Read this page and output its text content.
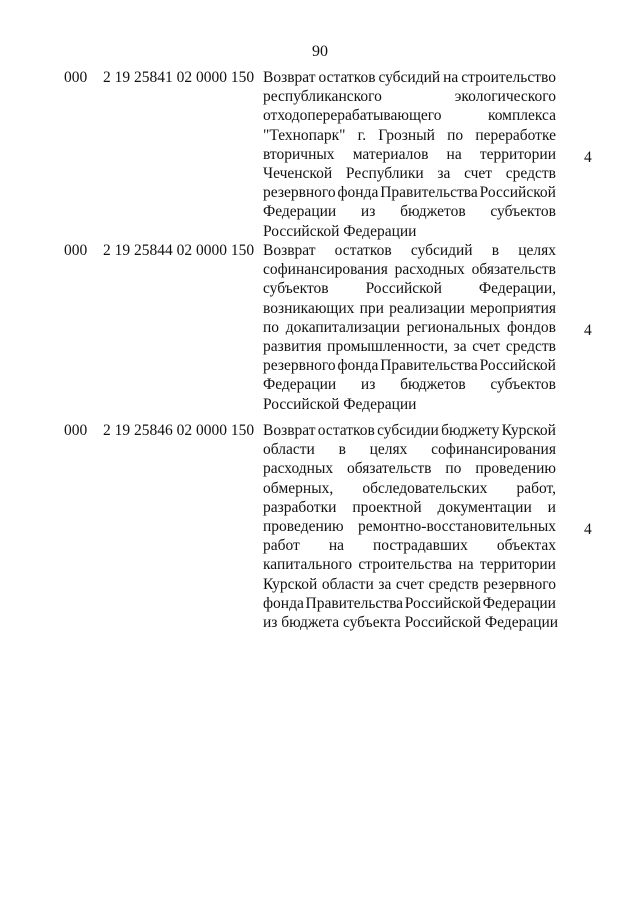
90
000 2 19 25841 02 0000 150 Возврат остатков субсидий на строительство
республиканского	экологического
отходоперерабатывающего	комплекса
"Технопарк" г. Грозный по переработке
вторичных материалов на территории
Чеченской Республики за счет средств
резервного фонда Правительства Российской
Федерации из бюджетов субъектов
Российской Федерации
4
000 2 19 25844 02 0000 150 Возврат остатков субсидий в целях
софинансирования расходных обязательств
субъектов Российской Федерации,
возникающих при реализации мероприятия
по докапитализации региональных фондов
развития промышленности, за счет средств
резервного фонда Правительства Российской
Федерации из бюджетов субъектов
Российской Федерации
4
000 2 19 25846 02 0000 150 Возврат остатков субсидии бюджету Курской
области в целях софинансирования
расходных обязательств по проведению
обмерных, обследовательских работ,
разработки проектной документации и
проведению ремонтно-восстановительных
работ на пострадавших объектах
капитального строительства на территории
Курской области за счет средств резервного
фонда Правительства Российской Федерации
из бюджета субъекта Российской Федерации
4
